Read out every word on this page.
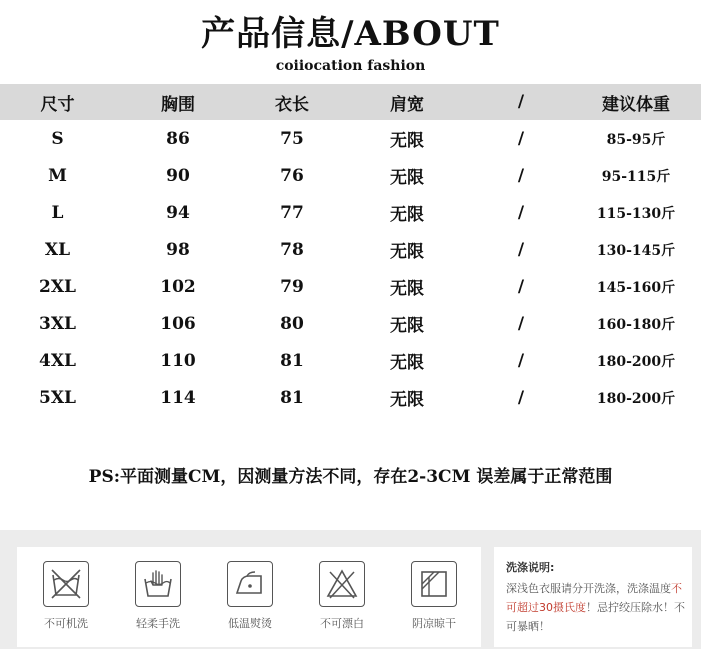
产品信息/ABOUT
coiiocation fashion
尺寸	胸围	衣长	肩宽	/	建议体重
S	86	75	无限	/	85-95斤
M	90	76	无限	/	95-115斤
L	94	77	无限	/	115-130斤
XL	98	78	无限	/	130-145斤
2XL	102	79	无限	/	145-160斤
3XL	106	80	无限	/	160-180斤
4XL	110	81	无限	/	180-200斤
5XL	114	81	无限	/	180-200斤
PS:平面测量CM，因测量方法不同，存在2-3CM 误差属于正常范围
不可机洗	轻柔手洗	低温熨烫	不可漂白	阴凉晾干
洗涤说明:
深浅色衣服请分开洗涤，洗涤温度不可超过30摄氏度！忌拧绞压除水！不可暴晒！
